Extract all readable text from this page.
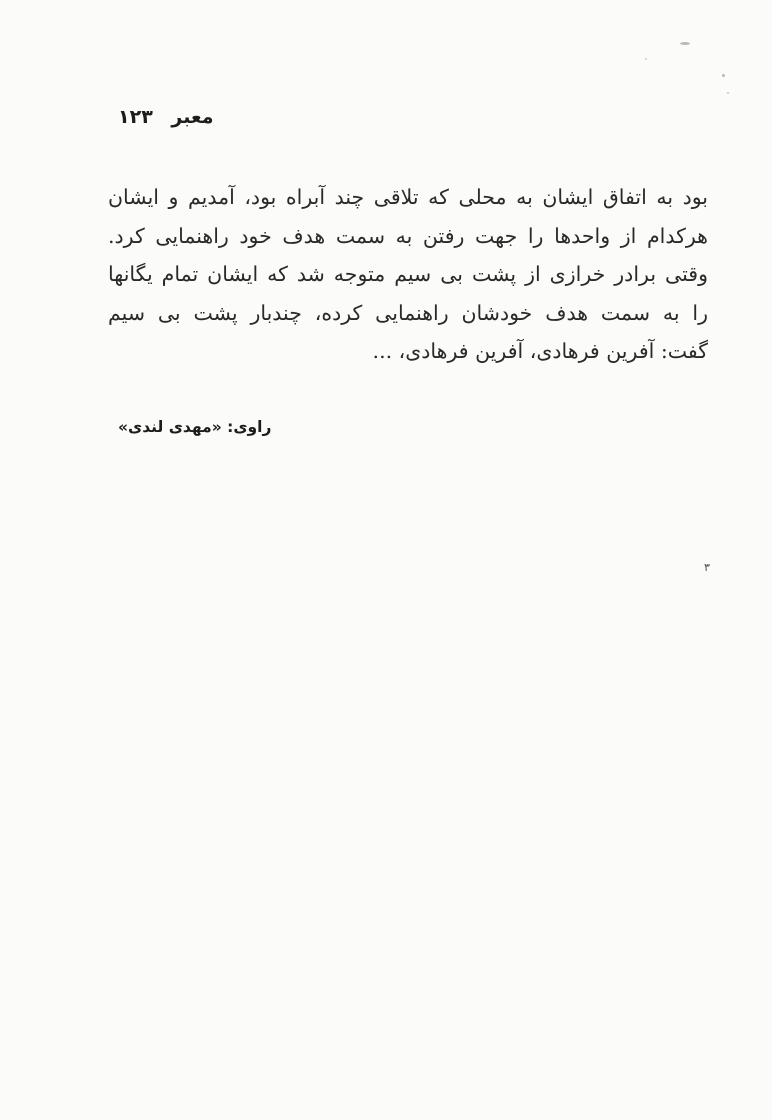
معبر ۱۲۳
بود به اتفاق ایشان به محلی که تلاقی چند آبراه بود، آمدیم و ایشان
هرکدام از واحدها را جهت رفتن به سمت هدف خود راهنمایی کرد.
وقتی برادر خرازی از پشت بی سیم متوجه شد که ایشان تمام یگانها
را به سمت هدف خودشان راهنمایی کرده، چندبار پشت بی سیم
گفت: آفرین فرهادی، آفرین فرهادی، ...
راوی: «مهدی لندی»
۳
